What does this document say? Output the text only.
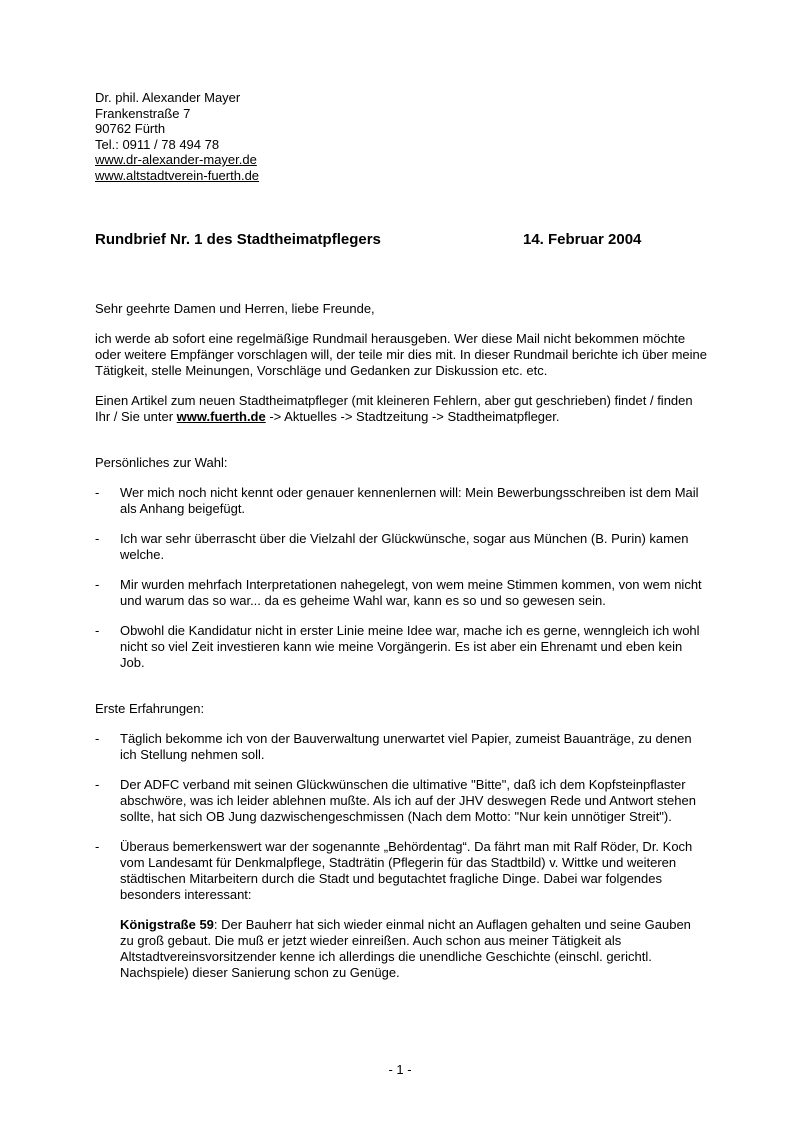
Dr. phil. Alexander Mayer
Frankenstraße 7
90762 Fürth
Tel.: 0911 / 78 494 78
www.dr-alexander-mayer.de
www.altstadtverein-fuerth.de
Rundbrief Nr. 1 des Stadtheimatpflegers	14. Februar 2004

Sehr geehrte Damen und Herren, liebe Freunde,

ich werde ab sofort eine regelmäßige Rundmail herausgeben. Wer diese Mail nicht bekommen möchte oder weitere Empfänger vorschlagen will, der teile mir dies mit. In dieser Rundmail berichte ich über meine Tätigkeit, stelle Meinungen, Vorschläge und Gedanken zur Diskussion etc. etc.

Einen Artikel zum neuen Stadtheimatpfleger (mit kleineren Fehlern, aber gut geschrieben) findet / finden Ihr / Sie unter www.fuerth.de -> Aktuelles -> Stadtzeitung -> Stadtheimatpfleger.

Persönliches zur Wahl:

-	Wer mich noch nicht kennt oder genauer kennenlernen will: Mein Bewerbungsschreiben ist dem Mail als Anhang beigefügt.
-	Ich war sehr überrascht über die Vielzahl der Glückwünsche, sogar aus München (B. Purin) kamen welche.
-	Mir wurden mehrfach Interpretationen nahegelegt, von wem meine Stimmen kommen, von wem nicht und warum das so war... da es geheime Wahl war, kann es so und so gewesen sein.
-	Obwohl die Kandidatur nicht in erster Linie meine Idee war, mache ich es gerne, wenngleich ich wohl nicht so viel Zeit investieren kann wie meine Vorgängerin. Es ist aber ein Ehrenamt und eben kein Job.

Erste Erfahrungen:

-	Täglich bekomme ich von der Bauverwaltung unerwartet viel Papier, zumeist Bauanträge, zu denen ich Stellung nehmen soll.
-	Der ADFC verband mit seinen Glückwünschen die ultimative "Bitte", daß ich dem Kopfsteinpflaster abschwöre, was ich leider ablehnen mußte. Als ich auf der JHV deswegen Rede und Antwort stehen sollte, hat sich OB Jung dazwischengeschmissen (Nach dem Motto: "Nur kein unnötiger Streit").
-	Überaus bemerkenswert war der sogenannte „Behördentag“. Da fährt man mit Ralf Röder, Dr. Koch vom Landesamt für Denkmalpflege, Stadträtin (Pflegerin für das Stadtbild) v. Wittke und weiteren städtischen Mitarbeitern durch die Stadt und begutachtet fragliche Dinge. Dabei war folgendes besonders interessant:

Königstraße 59: Der Bauherr hat sich wieder einmal nicht an Auflagen gehalten und seine Gauben zu groß gebaut. Die muß er jetzt wieder einreißen. Auch schon aus meiner Tätigkeit als Altstadtvereinsvorsitzender kenne ich allerdings die unendliche Geschichte (einschl. gerichtl. Nachspiele) dieser Sanierung schon zu Genüge.

- 1 -
